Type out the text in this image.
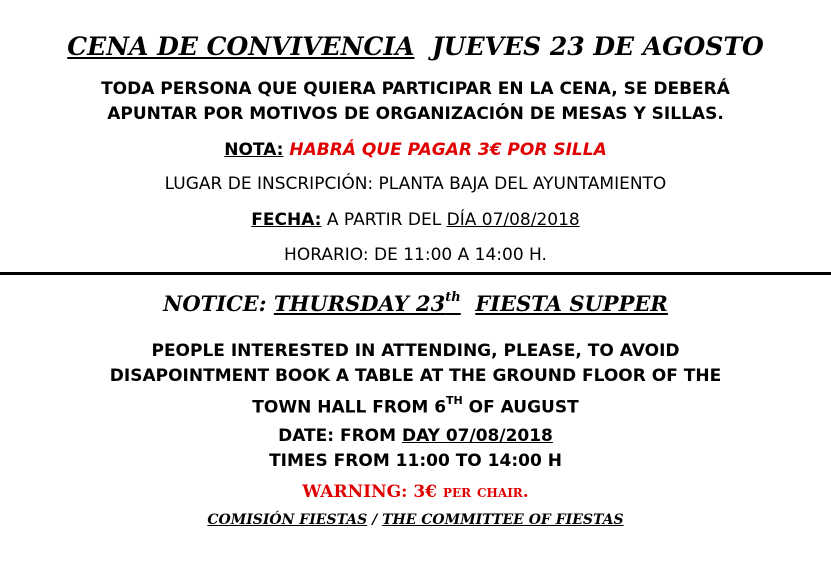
CENA DE CONVIVENCIA JUEVES 23 DE AGOSTO
TODA PERSONA QUE QUIERA PARTICIPAR EN LA CENA, SE DEBERÁ
APUNTAR POR MOTIVOS DE ORGANIZACIÓN DE MESAS Y SILLAS.
NOTA: HABRÁ QUE PAGAR 3€ POR SILLA
LUGAR DE INSCRIPCIÓN: PLANTA BAJA DEL AYUNTAMIENTO
FECHA: A PARTIR DEL DÍA 07/08/2018
HORARIO: DE 11:00 A 14:00 H.
NOTICE: THURSDAY 23th FIESTA SUPPER
PEOPLE INTERESTED IN ATTENDING, PLEASE, TO AVOID
DISAPOINTMENT BOOK A TABLE AT THE GROUND FLOOR OF THE
TOWN HALL FROM 6TH OF AUGUST
DATE: FROM DAY 07/08/2018
TIMES FROM 11:00 TO 14:00 H
WARNING: 3€ per chair.
COMISIÓN FIESTAS / THE COMMITTEE OF FIESTAS
